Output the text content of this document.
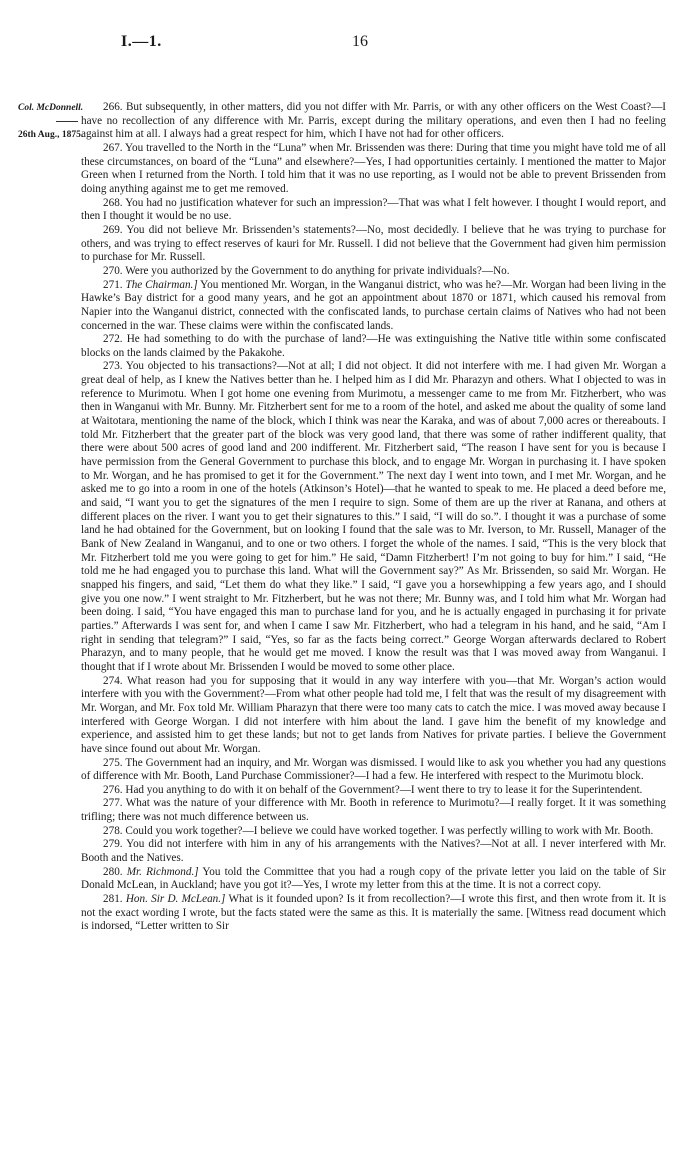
I.—1.	16
Col. McDonnell.
26th Aug., 1875.

266. But subsequently, in other matters, did you not differ with Mr. Parris, or with any other officers on the West Coast?—I have no recollection of any difference with Mr. Parris, except during the military operations, and even then I had no feeling against him at all. I always had a great respect for him, which I have not had for other officers.

267. You travelled to the North in the “Luna” when Mr. Brissenden was there: During that time you might have told me of all these circumstances, on board of the “Luna” and elsewhere?—Yes, I had opportunities certainly. I mentioned the matter to Major Green when I returned from the North. I told him that it was no use reporting, as I would not be able to prevent Brissenden from doing anything against me to get me removed.

268. You had no justification whatever for such an impression?—That was what I felt however. I thought I would report, and then I thought it would be no use.

269. You did not believe Mr. Brissenden’s statements?—No, most decidedly. I believe that he was trying to purchase for others, and was trying to effect reserves of kauri for Mr. Russell. I did not believe that the Government had given him permission to purchase for Mr. Russell.

270. Were you authorized by the Government to do anything for private individuals?—No.

271. The Chairman.] You mentioned Mr. Worgan, in the Wanganui district, who was he?—Mr. Worgan had been living in the Hawke’s Bay district for a good many years, and he got an appointment about 1870 or 1871, which caused his removal from Napier into the Wanganui district, connected with the confiscated lands, to purchase certain claims of Natives who had not been concerned in the war. These claims were within the confiscated lands.

272. He had something to do with the purchase of land?—He was extinguishing the Native title within some confiscated blocks on the lands claimed by the Pakakohe.

273. You objected to his transactions?—Not at all; I did not object. It did not interfere with me. I had given Mr. Worgan a great deal of help, as I knew the Natives better than he. I helped him as I did Mr. Pharazyn and others. What I objected to was in reference to Murimotu. When I got home one evening from Murimotu, a messenger came to me from Mr. Fitzherbert, who was then in Wanganui with Mr. Bunny. Mr. Fitzherbert sent for me to a room of the hotel, and asked me about the quality of some land at Waitotara, mentioning the name of the block, which I think was near the Karaka, and was of about 7,000 acres or thereabouts. I told Mr. Fitzherbert that the greater part of the block was very good land, that there was some of rather indifferent quality, that there were about 500 acres of good land and 200 indifferent. Mr. Fitzherbert said, “The reason I have sent for you is because I have permission from the General Government to purchase this block, and to engage Mr. Worgan in purchasing it. I have spoken to Mr. Worgan, and he has promised to get it for the Government.” The next day I went into town, and I met Mr. Worgan, and he asked me to go into a room in one of the hotels (Atkinson’s Hotel)—that he wanted to speak to me. He placed a deed before me, and said, “I want you to get the signatures of the men I require to sign. Some of them are up the river at Ranana, and others at different places on the river. I want you to get their signatures to this.” I said, “I will do so.”. I thought it was a purchase of some land he had obtained for the Government, but on looking I found that the sale was to Mr. Iverson, to Mr. Russell, Manager of the Bank of New Zealand in Wanganui, and to one or two others. I forget the whole of the names. I said, “This is the very block that Mr. Fitzherbert told me you were going to get for him.” He said, “Damn Fitzherbert! I’m not going to buy for him.” I said, “He told me he had engaged you to purchase this land. What will the Government say?” As Mr. Brissenden, so said Mr. Worgan. He snapped his fingers, and said, “Let them do what they like.” I said, “I gave you a horsewhipping a few years ago, and I should give you one now.” I went straight to Mr. Fitzherbert, but he was not there; Mr. Bunny was, and I told him what Mr. Worgan had been doing. I said, “You have engaged this man to purchase land for you, and he is actually engaged in purchasing it for private parties.” Afterwards I was sent for, and when I came I saw Mr. Fitzherbert, who had a telegram in his hand, and he said, “Am I right in sending that telegram?” I said, “Yes, so far as the facts being correct.” George Worgan afterwards declared to Robert Pharazyn, and to many people, that he would get me moved. I know the result was that I was moved away from Wanganui. I thought that if I wrote about Mr. Brissenden I would be moved to some other place.

274. What reason had you for supposing that it would in any way interfere with you—that Mr. Worgan’s action would interfere with you with the Government?—From what other people had told me, I felt that was the result of my disagreement with Mr. Worgan, and Mr. Fox told Mr. William Pharazyn that there were too many cats to catch the mice. I was moved away because I interfered with George Worgan. I did not interfere with him about the land. I gave him the benefit of my knowledge and experience, and assisted him to get these lands; but not to get lands from Natives for private parties. I believe the Government have since found out about Mr. Worgan.

275. The Government had an inquiry, and Mr. Worgan was dismissed. I would like to ask you whether you had any questions of difference with Mr. Booth, Land Purchase Commissioner?—I had a few. He interfered with respect to the Murimotu block.

276. Had you anything to do with it on behalf of the Government?—I went there to try to lease it for the Superintendent.

277. What was the nature of your difference with Mr. Booth in reference to Murimotu?—I really forget. It it was something trifling; there was not much difference between us.

278. Could you work together?—I believe we could have worked together. I was perfectly willing to work with Mr. Booth.

279. You did not interfere with him in any of his arrangements with the Natives?—Not at all. I never interfered with Mr. Booth and the Natives.

280. Mr. Richmond.] You told the Committee that you had a rough copy of the private letter you laid on the table of Sir Donald McLean, in Auckland; have you got it?—Yes, I wrote my letter from this at the time. It is not a correct copy.

281. Hon. Sir D. McLean.] What is it founded upon? Is it from recollection?—I wrote this first, and then wrote from it. It is not the exact wording I wrote, but the facts stated were the same as this. It is materially the same. [Witness read document which is indorsed, “Letter written to Sir
